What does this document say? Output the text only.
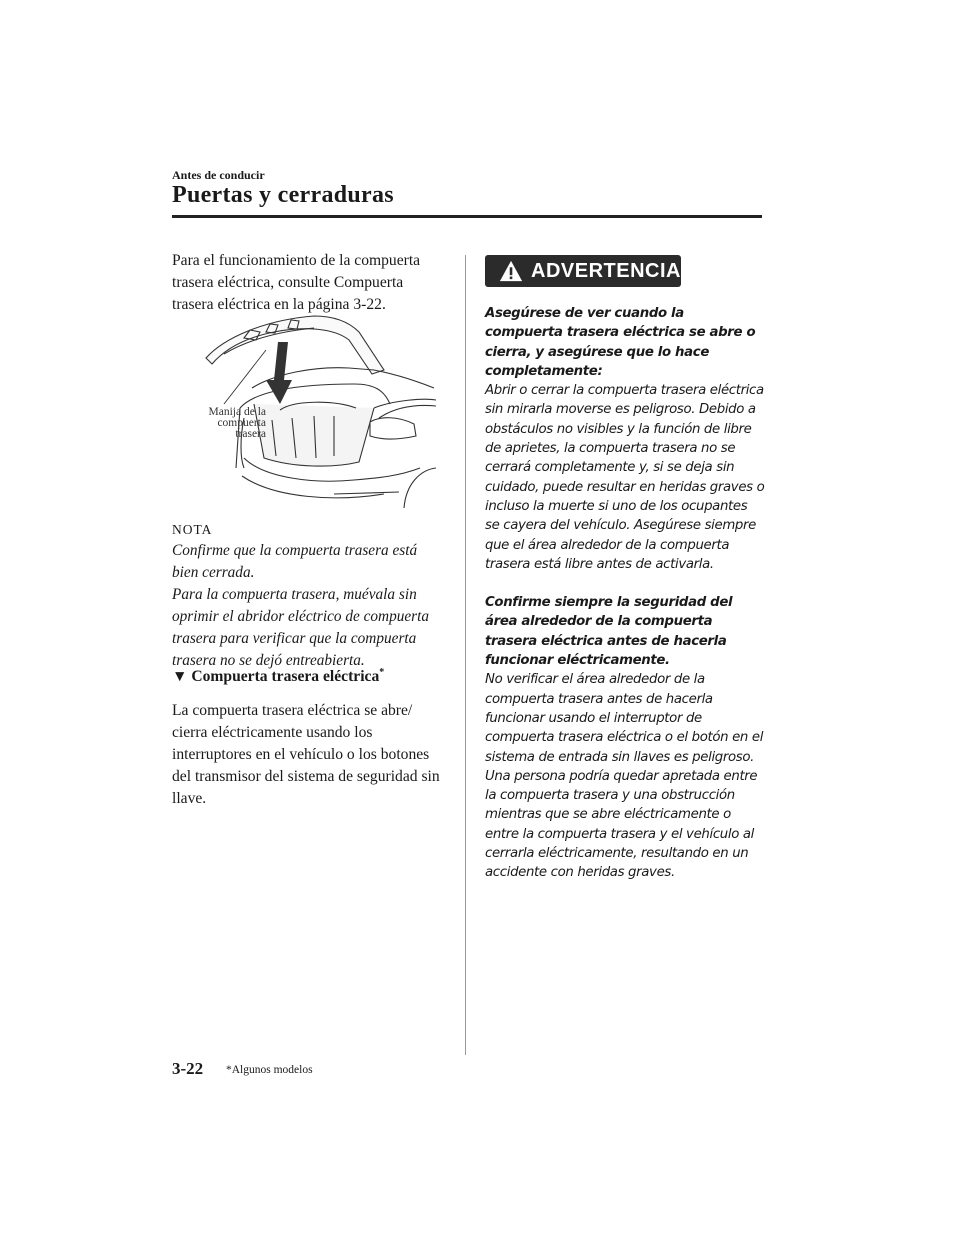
Antes de conducir
Puertas y cerraduras

Para el funcionamiento de la compuerta trasera eléctrica, consulte Compuerta trasera eléctrica en la página 3-22.

Manija de la
compuerta
trasera

NOTA

Confirme que la compuerta trasera está bien cerrada.

Para la compuerta trasera, muévala sin oprimir el abridor eléctrico de compuerta trasera para verificar que la compuerta trasera no se dejó entreabierta.

▼ Compuerta trasera eléctrica*

La compuerta trasera eléctrica se abre/ cierra eléctricamente usando los interruptores en el vehículo o los botones del transmisor del sistema de seguridad sin llave.

ADVERTENCIA

Asegúrese de ver cuando la compuerta trasera eléctrica se abre o cierra, y asegúrese que lo hace completamente:

Abrir o cerrar la compuerta trasera eléctrica sin mirarla moverse es peligroso. Debido a obstáculos no visibles y la función de libre de aprietes, la compuerta trasera no se cerrará completamente y, si se deja sin cuidado, puede resultar en heridas graves o incluso la muerte si uno de los ocupantes se cayera del vehículo. Asegúrese siempre que el área alrededor de la compuerta trasera está libre antes de activarla.

Confirme siempre la seguridad del área alrededor de la compuerta trasera eléctrica antes de hacerla funcionar eléctricamente.

No verificar el área alrededor de la compuerta trasera antes de hacerla funcionar usando el interruptor de compuerta trasera eléctrica o el botón en el sistema de entrada sin llaves es peligroso. Una persona podría quedar apretada entre la compuerta trasera y una obstrucción mientras que se abre eléctricamente o entre la compuerta trasera y el vehículo al cerrarla eléctricamente, resultando en un accidente con heridas graves.

3-22 *Algunos modelos
